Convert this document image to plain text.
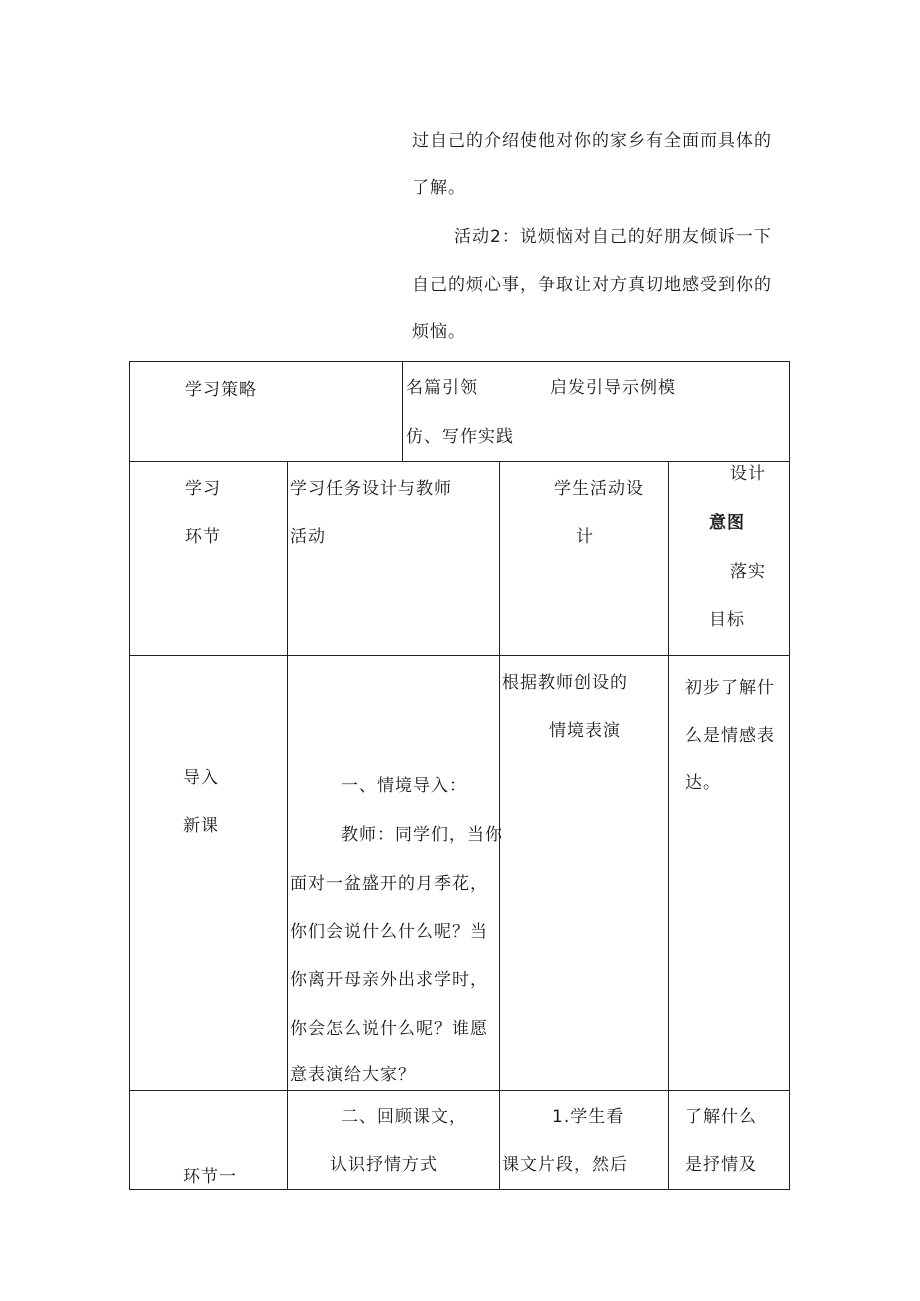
过自己的介绍使他对你的家乡有全面而具体的
了解。
活动2：说烦恼对自己的好朋友倾诉一下
自己的烦心事，争取让对方真切地感受到你的
烦恼。
学习策略	名篇引领　　　　启发引导示例模
仿、写作实践
学习
环节
学习任务设计与教师
活动
学生活动设
计
设计
意图
落实
目标
导入
新课
一、情境导入：
教师：同学们，当你
面对一盆盛开的月季花，
你们会说什么什么呢？当
你离开母亲外出求学时，
你会怎么说什么呢？谁愿
意表演给大家？
根据教师创设的
情境表演
初步了解什
么是情感表
达。
环节一
二、回顾课文，
认识抒情方式
1.学生看
课文片段，然后
了解什么
是抒情及
